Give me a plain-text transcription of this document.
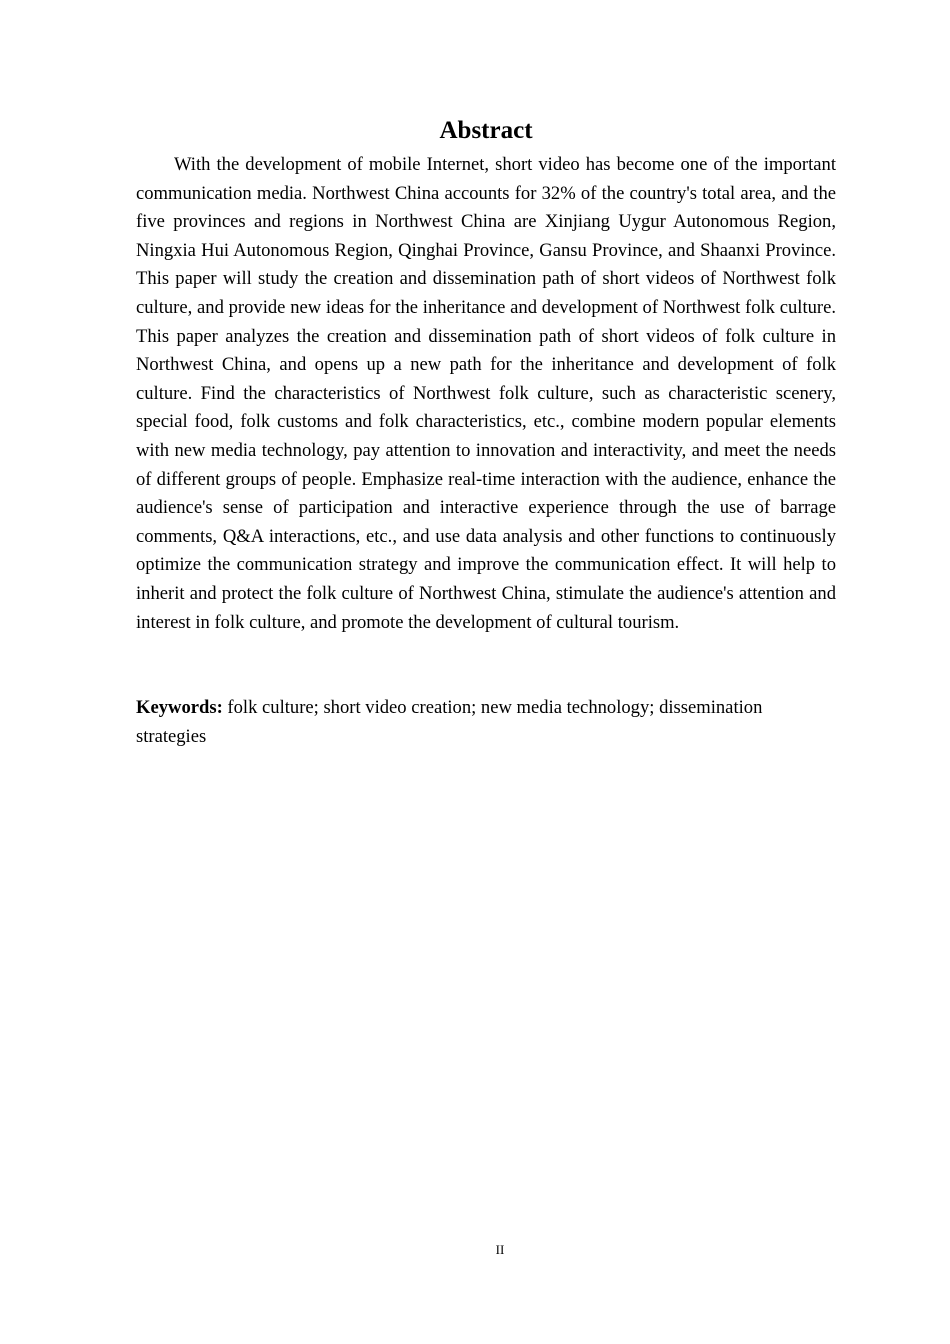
Abstract

With the development of mobile Internet, short video has become one of the important communication media. Northwest China accounts for 32% of the country's total area, and the five provinces and regions in Northwest China are Xinjiang Uygur Autonomous Region, Ningxia Hui Autonomous Region, Qinghai Province, Gansu Province, and Shaanxi Province. This paper will study the creation and dissemination path of short videos of Northwest folk culture, and provide new ideas for the inheritance and development of Northwest folk culture. This paper analyzes the creation and dissemination path of short videos of folk culture in Northwest China, and opens up a new path for the inheritance and development of folk culture. Find the characteristics of Northwest folk culture, such as characteristic scenery, special food, folk customs and folk characteristics, etc., combine modern popular elements with new media technology, pay attention to innovation and interactivity, and meet the needs of different groups of people. Emphasize real-time interaction with the audience, enhance the audience's sense of participation and interactive experience through the use of barrage comments, Q&A interactions, etc., and use data analysis and other functions to continuously optimize the communication strategy and improve the communication effect. It will help to inherit and protect the folk culture of Northwest China, stimulate the audience's attention and interest in folk culture, and promote the development of cultural tourism.

Keywords: folk culture; short video creation; new media technology; dissemination strategies

II
